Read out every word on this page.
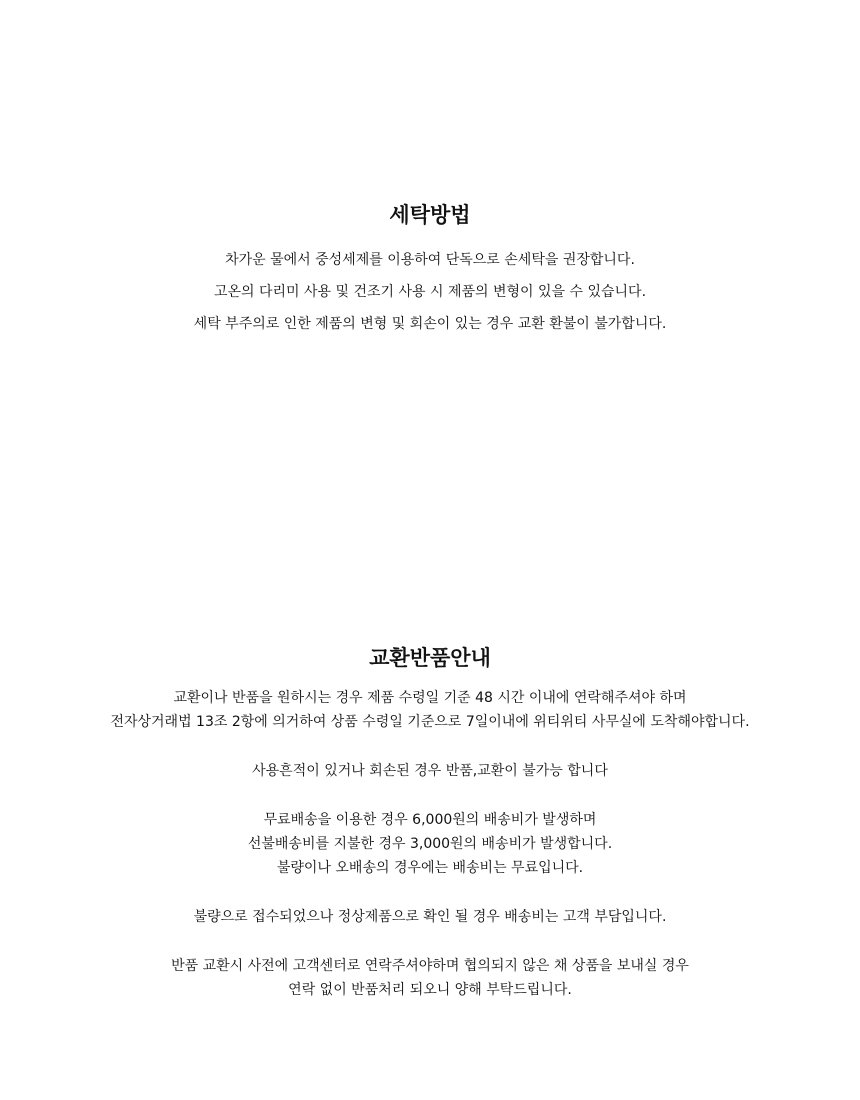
세탁방법

차가운 물에서 중성세제를 이용하여 단독으로 손세탁을 권장합니다.

고온의 다리미 사용 및 건조기 사용 시 제품의 변형이 있을 수 있습니다.

세탁 부주의로 인한 제품의 변형 및 회손이 있는 경우 교환 환불이 불가합니다.

교환반품안내

교환이나 반품을 원하시는 경우 제품 수령일 기준 48 시간 이내에 연락해주셔야 하며

전자상거래법 13조 2항에 의거하여 상품 수령일 기준으로 7일이내에 위티위티 사무실에 도착해야합니다.

사용흔적이 있거나 회손된 경우 반품,교환이 불가능 합니다

무료배송을 이용한 경우 6,000원의 배송비가 발생하며

선불배송비를 지불한 경우 3,000원의 배송비가 발생합니다.

불량이나 오배송의 경우에는 배송비는 무료입니다.

불량으로 접수되었으나 정상제품으로 확인 될 경우 배송비는 고객 부담입니다.

반품 교환시 사전에 고객센터로 연락주셔야하며 협의되지 않은 채 상품을 보내실 경우

연락 없이 반품처리 되오니 양해 부탁드립니다.
